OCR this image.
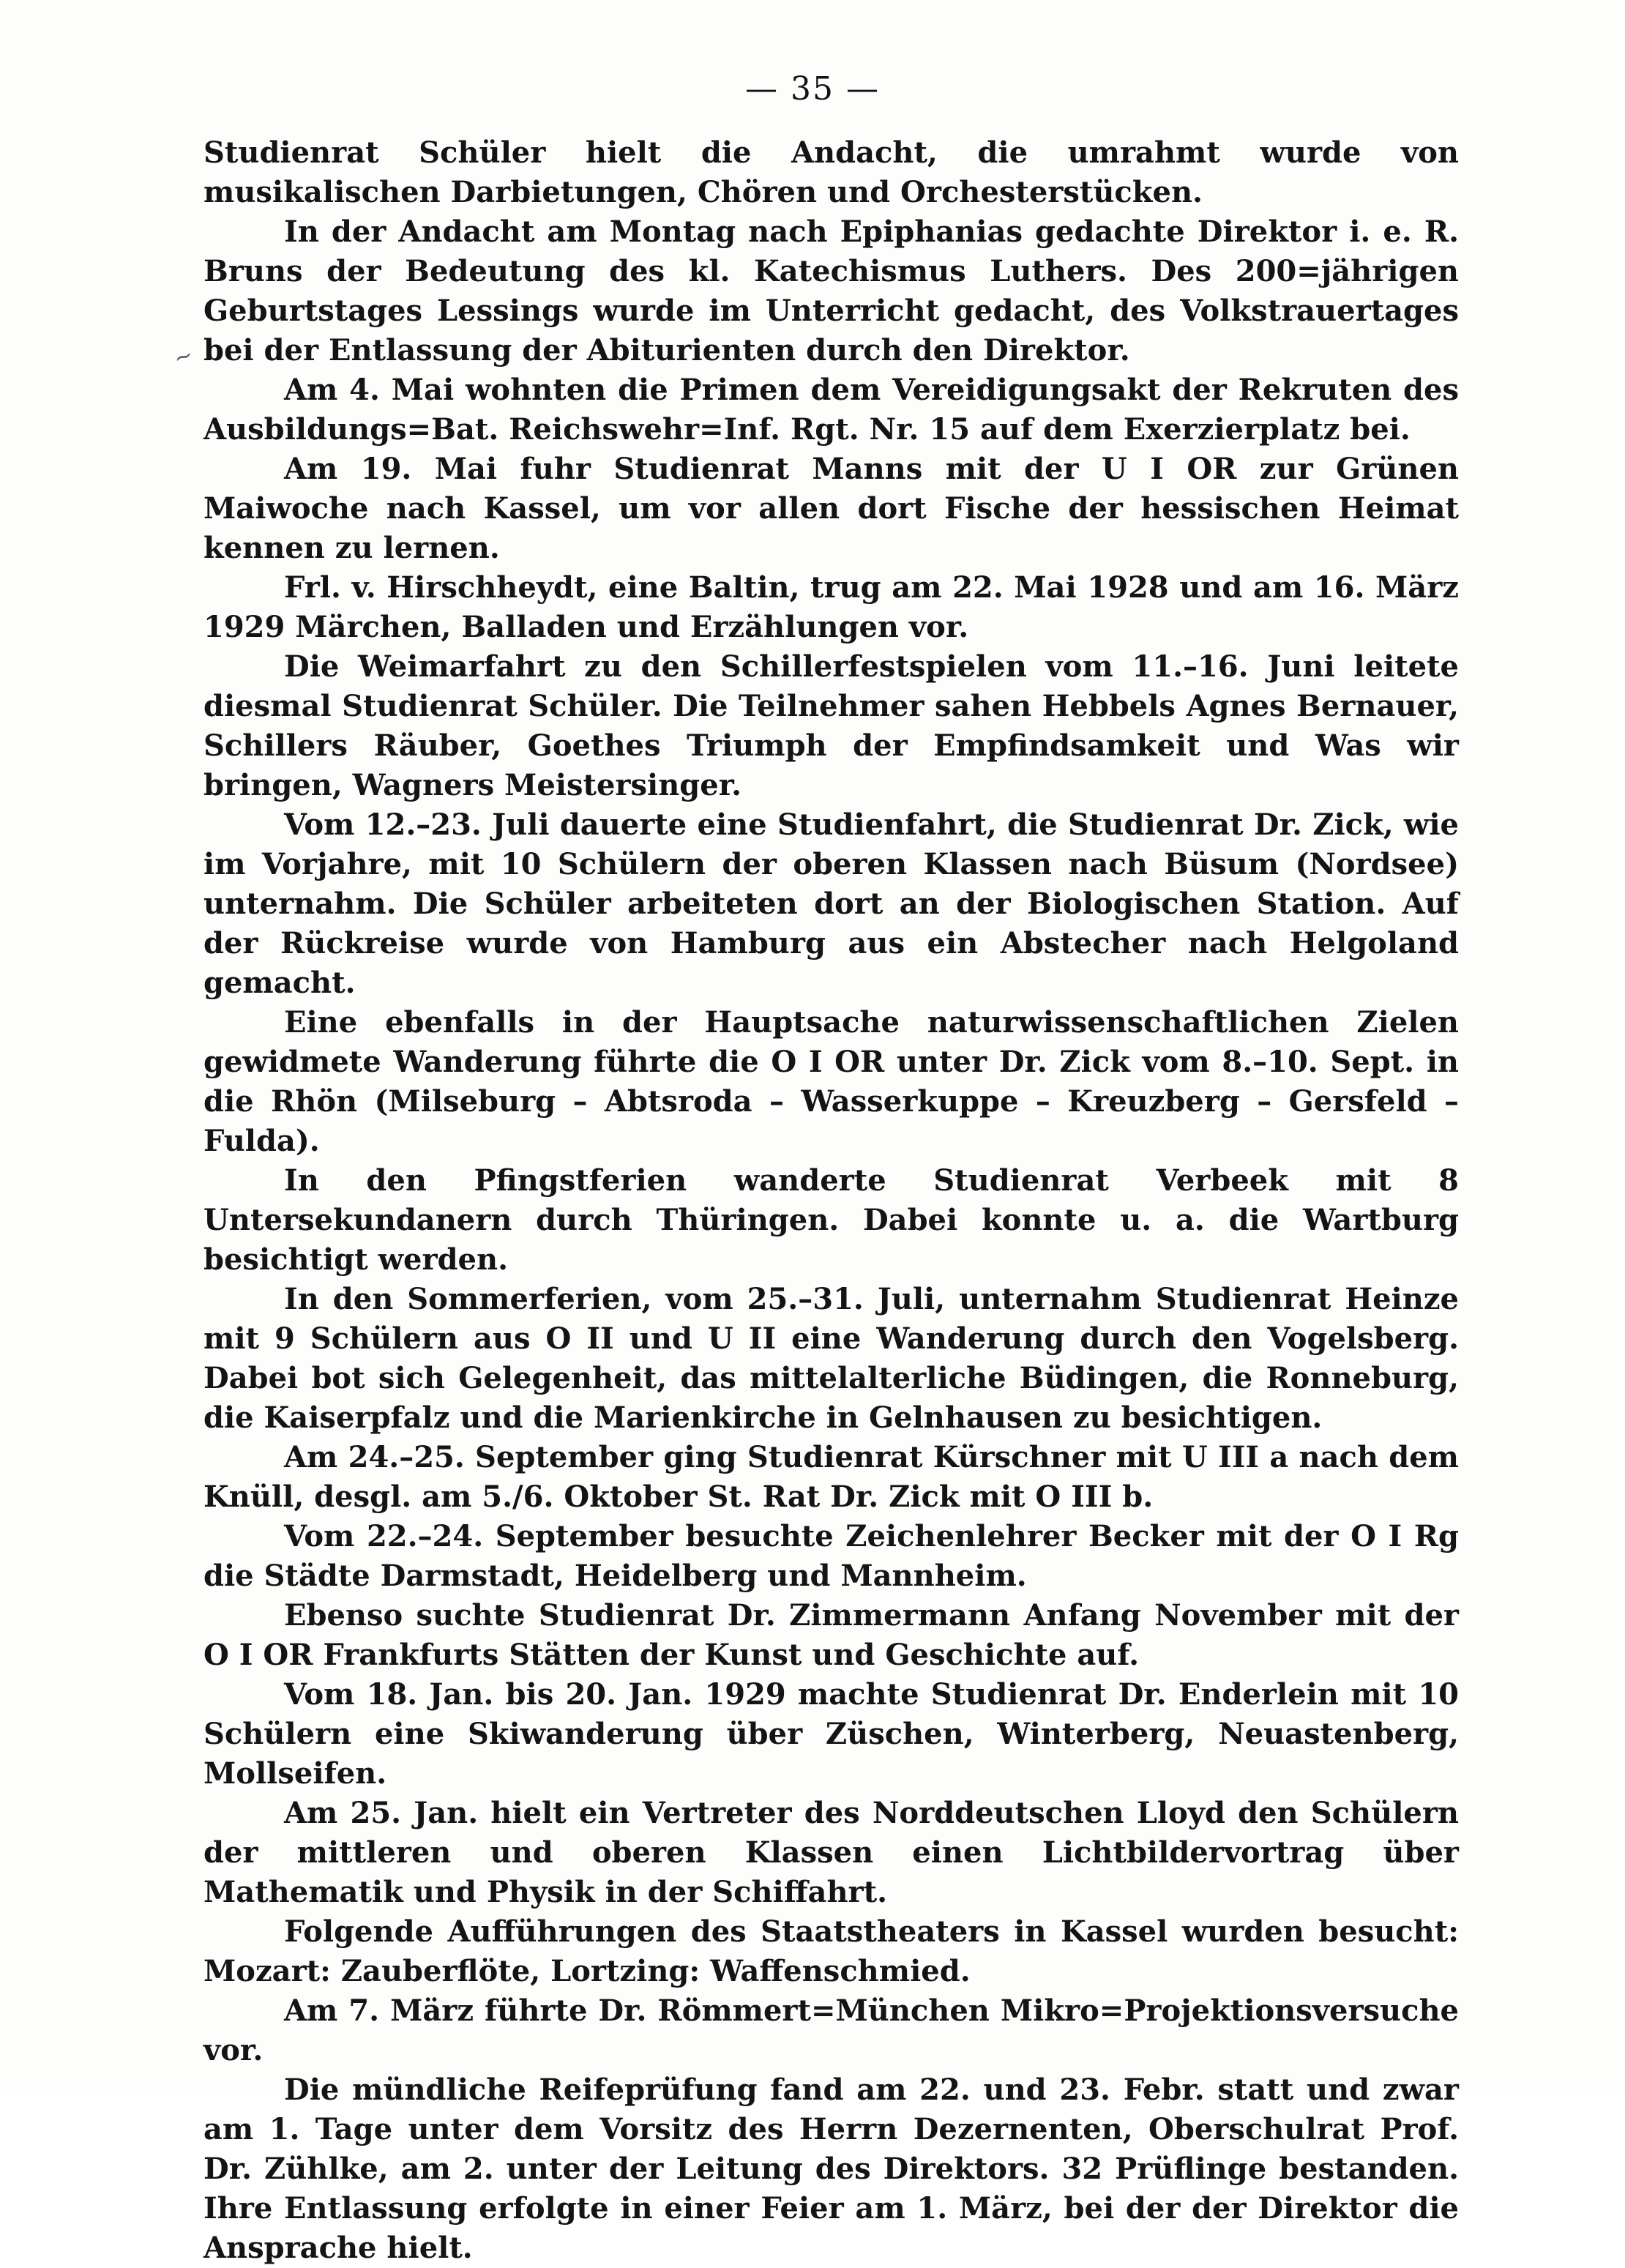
— 35 —
~

Studienrat Schüler hielt die Andacht, die umrahmt wurde von musikalischen Darbietungen, Chören und Orchesterstücken.

In der Andacht am Montag nach Epiphanias gedachte Direktor i. e. R. Bruns der Bedeutung des kl. Katechismus Luthers. Des 200=jährigen Geburtstages Lessings wurde im Unterricht gedacht, des Volkstrauertages bei der Entlassung der Abiturienten durch den Direktor.

Am 4. Mai wohnten die Primen dem Vereidigungsakt der Rekruten des Ausbildungs=Bat. Reichswehr=Inf. Rgt. Nr. 15 auf dem Exerzierplatz bei.

Am 19. Mai fuhr Studienrat Manns mit der U I OR zur Grünen Maiwoche nach Kassel, um vor allen dort Fische der hessischen Heimat kennen zu lernen.

Frl. v. Hirschheydt, eine Baltin, trug am 22. Mai 1928 und am 16. März 1929 Märchen, Balladen und Erzählungen vor.

Die Weimarfahrt zu den Schillerfestspielen vom 11.–16. Juni leitete diesmal Studienrat Schüler. Die Teilnehmer sahen Hebbels Agnes Bernauer, Schillers Räuber, Goethes Triumph der Empfindsamkeit und Was wir bringen, Wagners Meistersinger.

Vom 12.–23. Juli dauerte eine Studienfahrt, die Studienrat Dr. Zick, wie im Vorjahre, mit 10 Schülern der oberen Klassen nach Büsum (Nordsee) unternahm. Die Schüler arbeiteten dort an der Biologischen Station. Auf der Rückreise wurde von Hamburg aus ein Abstecher nach Helgoland gemacht.

Eine ebenfalls in der Hauptsache naturwissenschaftlichen Zielen gewidmete Wanderung führte die O I OR unter Dr. Zick vom 8.–10. Sept. in die Rhön (Milseburg – Abtsroda – Wasserkuppe – Kreuzberg – Gersfeld – Fulda).

In den Pfingstferien wanderte Studienrat Verbeek mit 8 Untersekundanern durch Thüringen. Dabei konnte u. a. die Wartburg besichtigt werden.

In den Sommerferien, vom 25.–31. Juli, unternahm Studienrat Heinze mit 9 Schülern aus O II und U II eine Wanderung durch den Vogelsberg. Dabei bot sich Gelegenheit, das mittelalterliche Büdingen, die Ronneburg, die Kaiserpfalz und die Marienkirche in Gelnhausen zu besichtigen.

Am 24.–25. September ging Studienrat Kürschner mit U III a nach dem Knüll, desgl. am 5./6. Oktober St. Rat Dr. Zick mit O III b.

Vom 22.–24. September besuchte Zeichenlehrer Becker mit der O I Rg die Städte Darmstadt, Heidelberg und Mannheim.

Ebenso suchte Studienrat Dr. Zimmermann Anfang November mit der O I OR Frankfurts Stätten der Kunst und Geschichte auf.

Vom 18. Jan. bis 20. Jan. 1929 machte Studienrat Dr. Enderlein mit 10 Schülern eine Skiwanderung über Züschen, Winterberg, Neuastenberg, Mollseifen.

Am 25. Jan. hielt ein Vertreter des Norddeutschen Lloyd den Schülern der mittleren und oberen Klassen einen Lichtbildervortrag über Mathematik und Physik in der Schiffahrt.

Folgende Aufführungen des Staatstheaters in Kassel wurden besucht: Mozart: Zauberflöte, Lortzing: Waffenschmied.

Am 7. März führte Dr. Römmert=München Mikro=Projektionsversuche vor.

Die mündliche Reifeprüfung fand am 22. und 23. Febr. statt und zwar am 1. Tage unter dem Vorsitz des Herrn Dezernenten, Oberschulrat Prof. Dr. Zühlke, am 2. unter der Leitung des Direktors. 32 Prüflinge bestanden. Ihre Entlassung erfolgte in einer Feier am 1. März, bei der der Direktor die Ansprache hielt.
